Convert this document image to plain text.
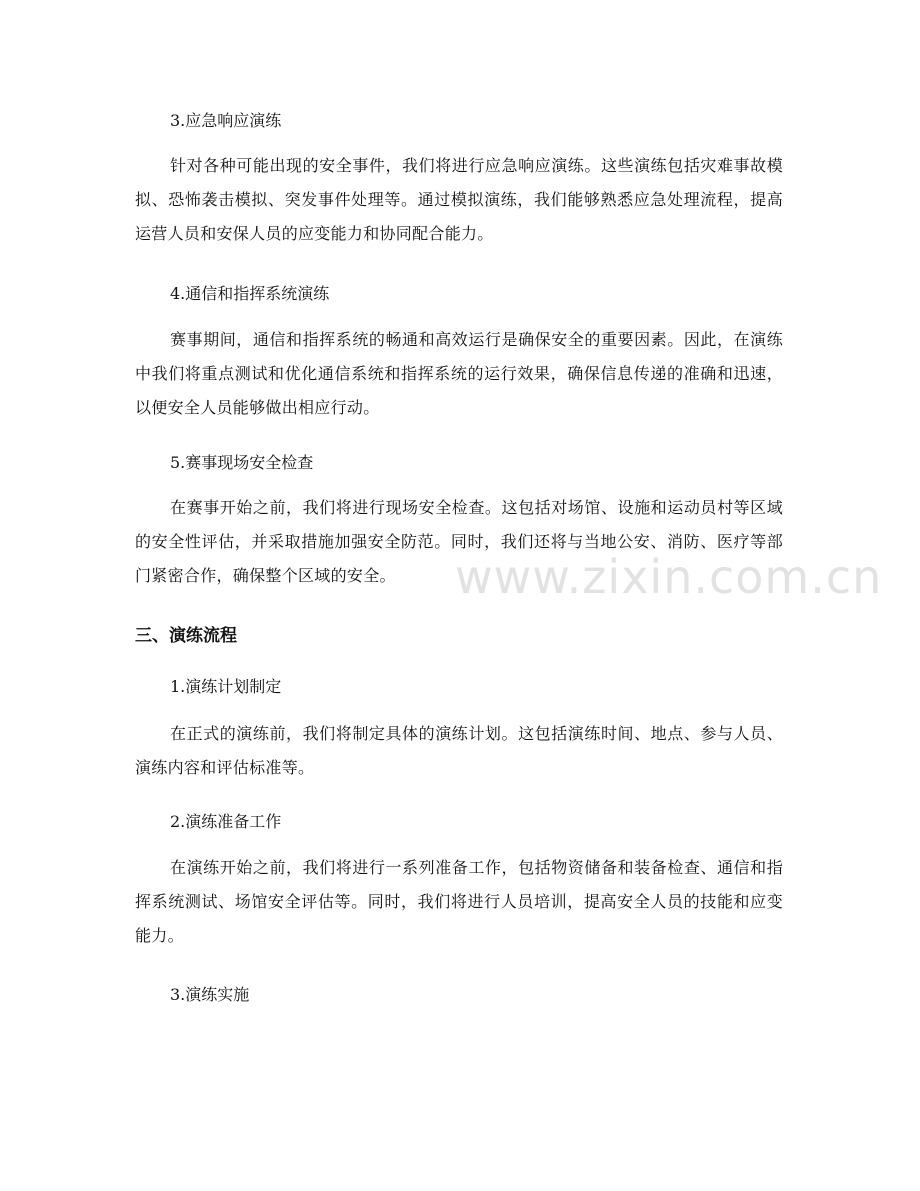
3.应急响应演练
针对各种可能出现的安全事件，我们将进行应急响应演练。这些演练包括灾难事故模拟、恐怖袭击模拟、突发事件处理等。通过模拟演练，我们能够熟悉应急处理流程，提高运营人员和安保人员的应变能力和协同配合能力。
4.通信和指挥系统演练
赛事期间，通信和指挥系统的畅通和高效运行是确保安全的重要因素。因此，在演练中我们将重点测试和优化通信系统和指挥系统的运行效果，确保信息传递的准确和迅速，以便安全人员能够做出相应行动。
5.赛事现场安全检查
在赛事开始之前，我们将进行现场安全检查。这包括对场馆、设施和运动员村等区域的安全性评估，并采取措施加强安全防范。同时，我们还将与当地公安、消防、医疗等部门紧密合作，确保整个区域的安全。
三、演练流程
1.演练计划制定
在正式的演练前，我们将制定具体的演练计划。这包括演练时间、地点、参与人员、演练内容和评估标准等。
2.演练准备工作
在演练开始之前，我们将进行一系列准备工作，包括物资储备和装备检查、通信和指挥系统测试、场馆安全评估等。同时，我们将进行人员培训，提高安全人员的技能和应变能力。
3.演练实施
www.zixin.com.cn
